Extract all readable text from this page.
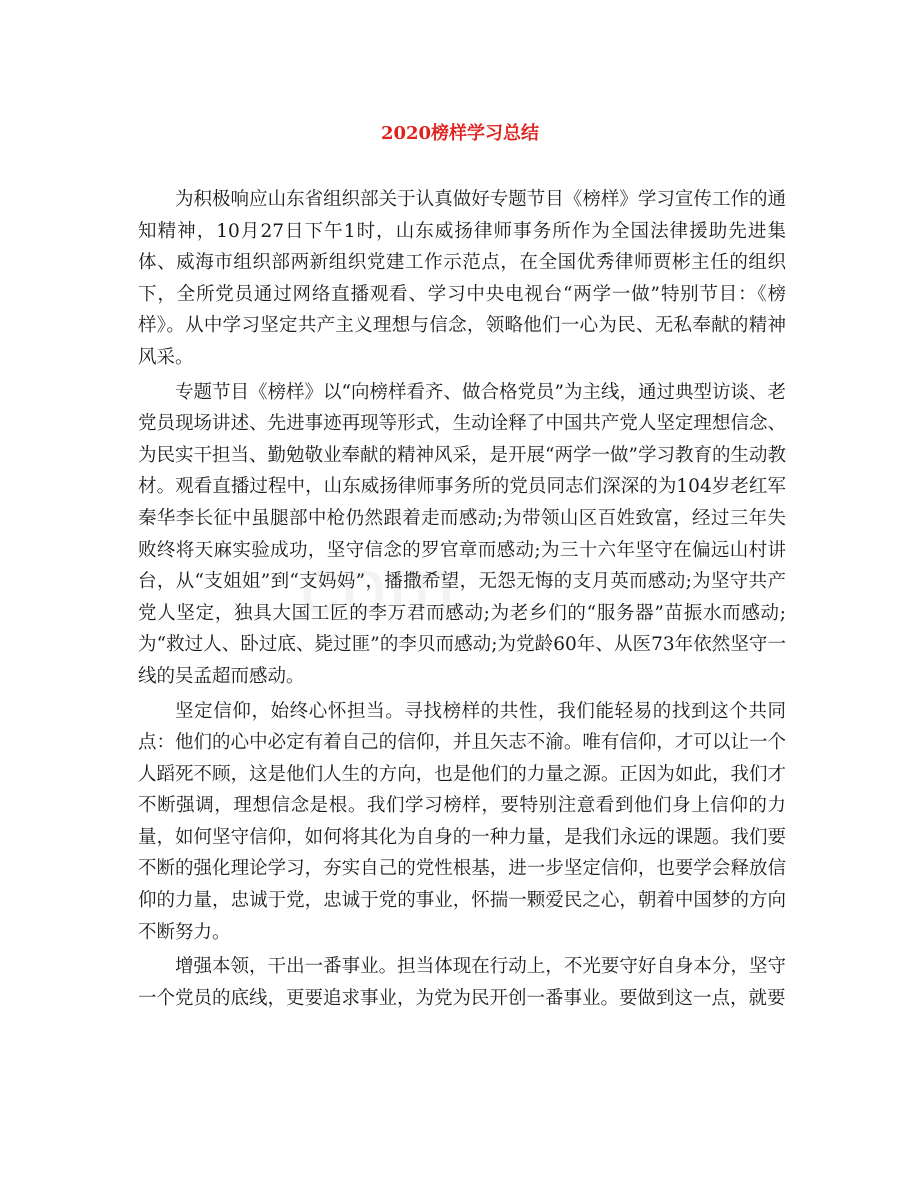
com
2020榜样学习总结

为积极响应山东省组织部关于认真做好专题节目《榜样》学习宣传工作的通知精神，10月27日下午1时，山东威扬律师事务所作为全国法律援助先进集体、威海市组织部两新组织党建工作示范点，在全国优秀律师贾彬主任的组织下，全所党员通过网络直播观看、学习中央电视台“两学一做”特别节目：《榜样》。从中学习坚定共产主义理想与信念，领略他们一心为民、无私奉献的精神风采。

专题节目《榜样》以“向榜样看齐、做合格党员”为主线，通过典型访谈、老党员现场讲述、先进事迹再现等形式，生动诠释了中国共产党人坚定理想信念、为民实干担当、勤勉敬业奉献的精神风采，是开展“两学一做”学习教育的生动教材。观看直播过程中，山东威扬律师事务所的党员同志们深深的为104岁老红军秦华李长征中虽腿部中枪仍然跟着走而感动;为带领山区百姓致富，经过三年失败终将天麻实验成功，坚守信念的罗官章而感动;为三十六年坚守在偏远山村讲台，从“支姐姐”到“支妈妈”，播撒希望，无怨无悔的支月英而感动;为坚守共产党人坚定，独具大国工匠的李万君而感动;为老乡们的“服务器”苗振水而感动;为“救过人、卧过底、毙过匪”的李贝而感动;为党龄60年、从医73年依然坚守一线的吴孟超而感动。

坚定信仰，始终心怀担当。寻找榜样的共性，我们能轻易的找到这个共同点：他们的心中必定有着自己的信仰，并且矢志不渝。唯有信仰，才可以让一个人蹈死不顾，这是他们人生的方向，也是他们的力量之源。正因为如此，我们才不断强调，理想信念是根。我们学习榜样，要特别注意看到他们身上信仰的力量，如何坚守信仰，如何将其化为自身的一种力量，是我们永远的课题。我们要不断的强化理论学习，夯实自己的党性根基，进一步坚定信仰，也要学会释放信仰的力量，忠诚于党，忠诚于党的事业，怀揣一颗爱民之心，朝着中国梦的方向不断努力。

增强本领，干出一番事业。担当体现在行动上，不光要守好自身本分，坚守一个党员的底线，更要追求事业，为党为民开创一番事业。要做到这一点，就要
